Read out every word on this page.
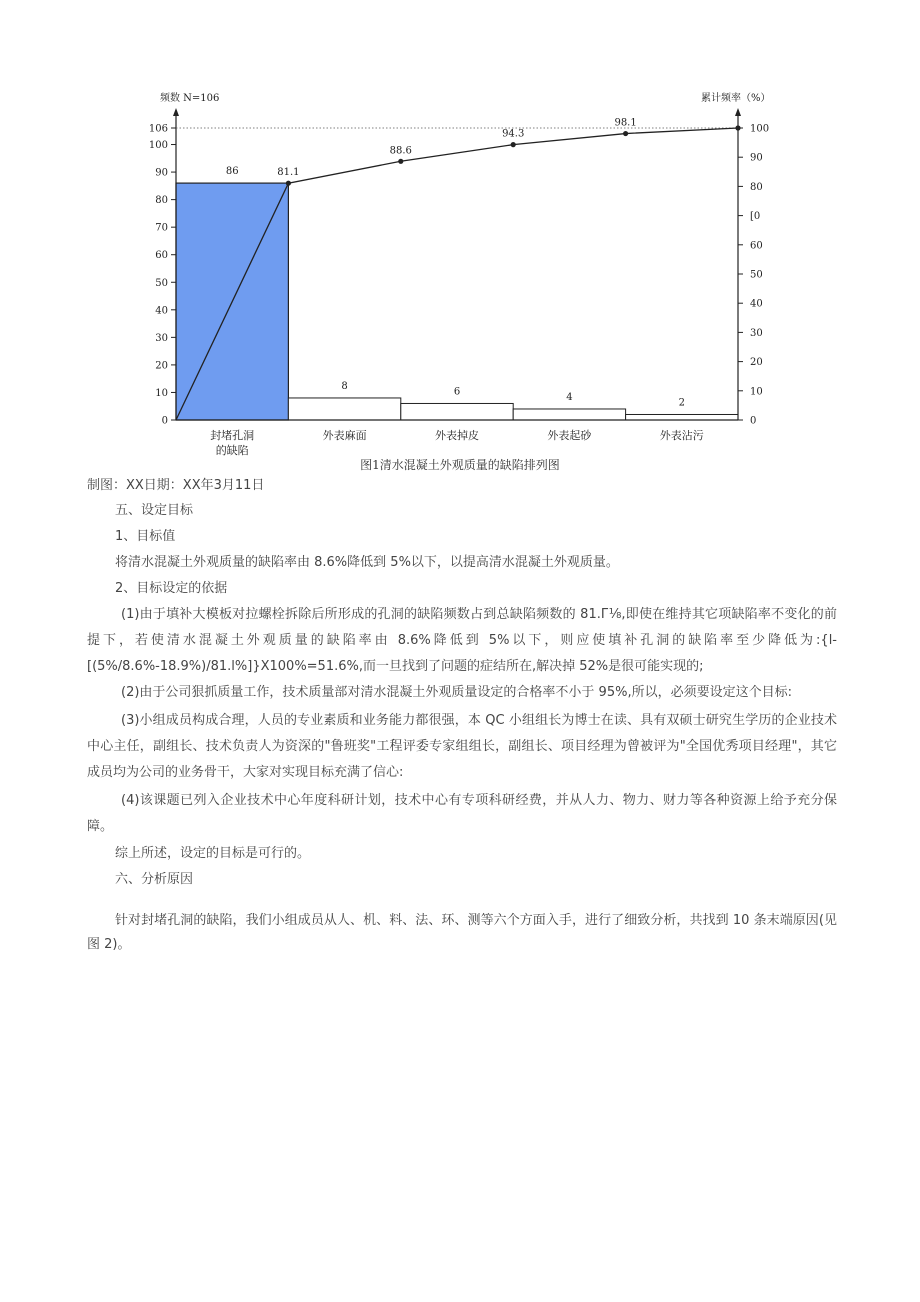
0
10
20
30
40
50
60
70
80
90
100
106
0
10
20
30
40
50
60
[0
80
90
100
86
8
6
4
2
封堵孔洞
的缺陷
外表麻面	外表掉皮	外表起砂	外表沾污
81.1
88.6
94.3
98.1
频数 N=106	累计频率（%）
图1清水混凝土外观质量的缺陷排列图
制图：XX日期：XX年3月11日
五、设定目标
1、目标值
将清水混凝土外观质量的缺陷率由 8.6%降低到 5%以下，以提高清水混凝土外观质量。
2、目标设定的依据
(1)由于填补大模板对拉螺栓拆除后所形成的孔洞的缺陷频数占到总缺陷频数的 81.Г⅛,即使在维持其它项缺陷率不变化的前提下，若使清水混凝土外观质量的缺陷率由 8.6%降低到 5%以下，则应使填补孔洞的缺陷率至少降低为:{l-[(5%/8.6%-18.9%)/81.l%]}X100%=51.6%,而一旦找到了问题的症结所在,解决掉 52%是很可能实现的;
(2)由于公司狠抓质量工作，技术质量部对清水混凝土外观质量设定的合格率不小于 95%,所以，必须要设定这个目标:
(3)小组成员构成合理，人员的专业素质和业务能力都很强，本 QC 小组组长为博士在读、具有双硕士研究生学历的企业技术中心主任，副组长、技术负责人为资深的"鲁班奖"工程评委专家组组长，副组长、项目经理为曾被评为"全国优秀项目经理"，其它成员均为公司的业务骨干，大家对实现目标充满了信心:
(4)该课题已列入企业技术中心年度科研计划，技术中心有专项科研经费，并从人力、物力、财力等各种资源上给予充分保障。
综上所述，设定的目标是可行的。
六、分析原因
针对封堵孔洞的缺陷，我们小组成员从人、机、料、法、环、测等六个方面入手，进行了细致分析，共找到 10 条末端原因(见图 2)。
